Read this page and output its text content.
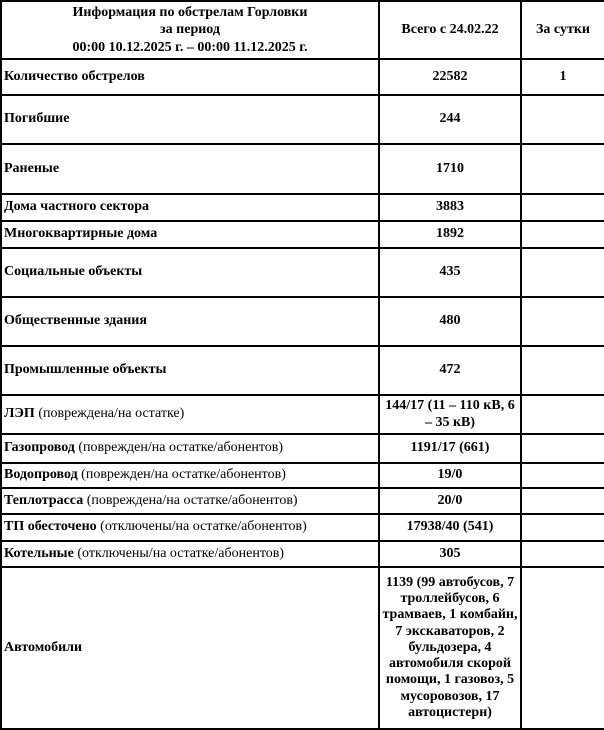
Информация по обстрелам Горловки
за период
00:00 10.12.2025 г. – 00:00 11.12.2025 г.	Всего с 24.02.22	За сутки
Количество обстрелов	22582	1
Погибшие	244	
Раненые	1710	
Дома частного сектора	3883	
Многоквартирные дома	1892	
Социальные объекты	435	
Общественные здания	480	
Промышленные объекты	472	
ЛЭП (повреждена/на остатке)	144/17 (11 – 110 кВ, 6 – 35 кВ)	
Газопровод (поврежден/на остатке/абонентов)	1191/17 (661)	
Водопровод (поврежден/на остатке/абонентов)	19/0	
Теплотрасса (повреждена/на остатке/абонентов)	20/0	
ТП обесточено (отключены/на остатке/абонентов)	17938/40 (541)	
Котельные (отключены/на остатке/абонентов)	305	
Автомобили	1139 (99 автобусов, 7 троллейбусов, 6 трамваев, 1 комбайн, 7 экскаваторов, 2 бульдозера, 4 автомобиля скорой помощи, 1 газовоз, 5 мусоровозов, 17 автоцистерн)	
